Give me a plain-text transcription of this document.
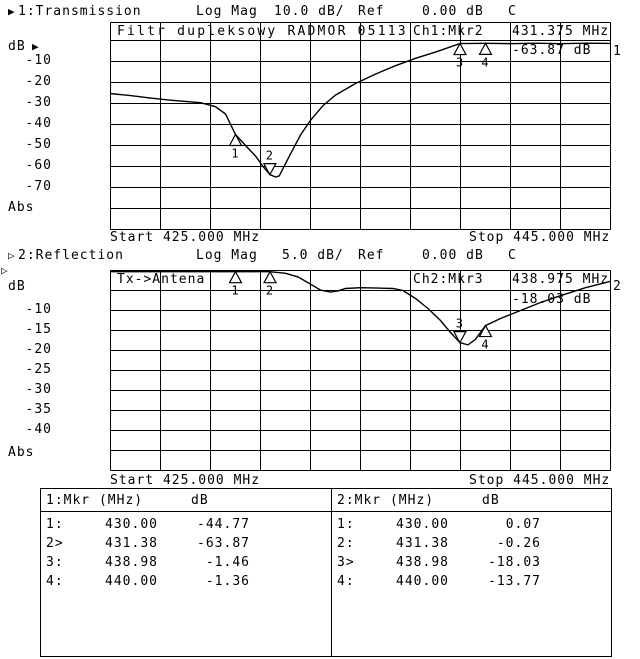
▶ 1:Transmission	Log Mag 10.0 dB/ Ref	0.00 dB C
1 2
3 4
dB ▶
-10
-20
-30
-40
-50
-60
-70
Abs
Filtr dupleksowy RADMOR 05113 Ch1:Mkr2 431.375 MHz
-63.87 dB 1
Start 425.000 MHz	Stop 445.000 MHz
▷ 2:Reflection	Log Mag 5.0 dB/ Ref	0.00 dB C
1 2
3
4
▷
dB
-10
-15
-20
-25
-30
-35
-40
Abs
Tx->Antena	Ch2:Mkr3 438.975 MHz
-18.03 dB
2
Start 425.000 MHz	Stop 445.000 MHz
1:Mkr (MHz)	dB
1:	430.00	-44.77
2>	431.38	-63.87
3:	438.98	-1.46
4:	440.00	-1.36
2:Mkr (MHz)	dB
1:	430.00	0.07
2:	431.38	-0.26
3>	438.98	-18.03
4:	440.00	-13.77
